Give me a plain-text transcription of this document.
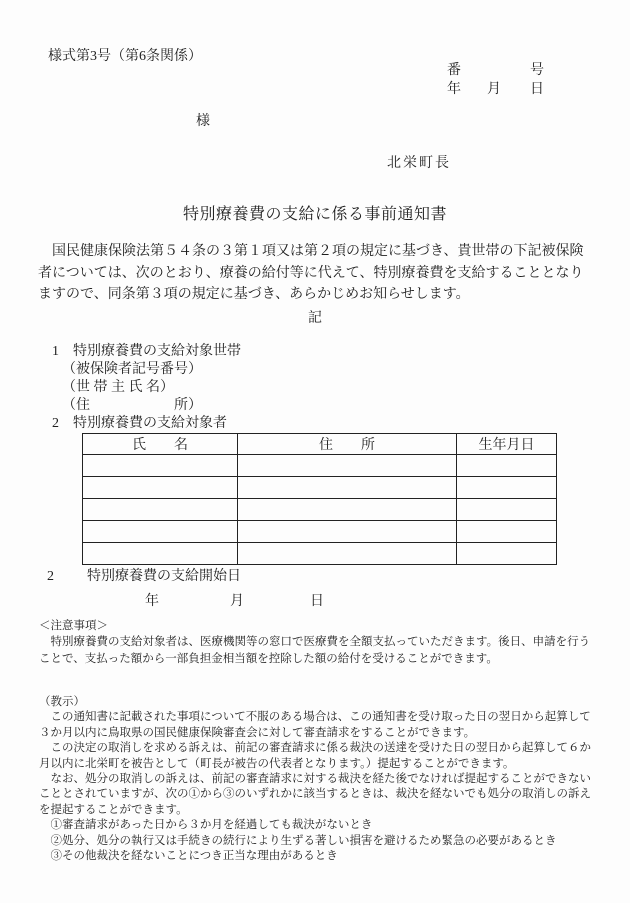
様式第3号（第6条関係）
番	号
年 月 日
様
北栄町長
特別療養費の支給に係る事前通知書

国民健康保険法第５４条の３第１項又は第２項の規定に基づき、貴世帯の下記被保険者については、次のとおり、療養の給付等に代えて、特別療養費を支給することとなりますので、同条第３項の規定に基づき、あらかじめお知らせします。

記
1 特別療養費の支給対象世帯
（被保険者記号番号）
（世 帯 主 氏 名）
（住　　　　　　所）
2 特別療養費の支給対象者
氏　　名	住　　所	生年月日

2 特別療養費の支給開始日
年	月	日

＜注意事項＞

特別療養費の支給対象者は、医療機関等の窓口で医療費を全額支払っていただきます。後日、申請を行うことで、支払った額から一部負担金相当額を控除した額の給付を受けることができます。

（教示）

この通知書に記載された事項について不服のある場合は、この通知書を受け取った日の翌日から起算して３か月以内に鳥取県の国民健康保険審査会に対して審査請求をすることができます。

この決定の取消しを求める訴えは、前記の審査請求に係る裁決の送達を受けた日の翌日から起算して６か月以内に北栄町を被告として（町長が被告の代表者となります。）提起することができます。

なお、処分の取消しの訴えは、前記の審査請求に対する裁決を経た後でなければ提起することができないこととされていますが、次の①から③のいずれかに該当するときは、裁決を経ないでも処分の取消しの訴えを提起することができます。

①審査請求があった日から３か月を経過しても裁決がないとき

②処分、処分の執行又は手続きの続行により生ずる著しい損害を避けるため緊急の必要があるとき

③その他裁決を経ないことにつき正当な理由があるとき
